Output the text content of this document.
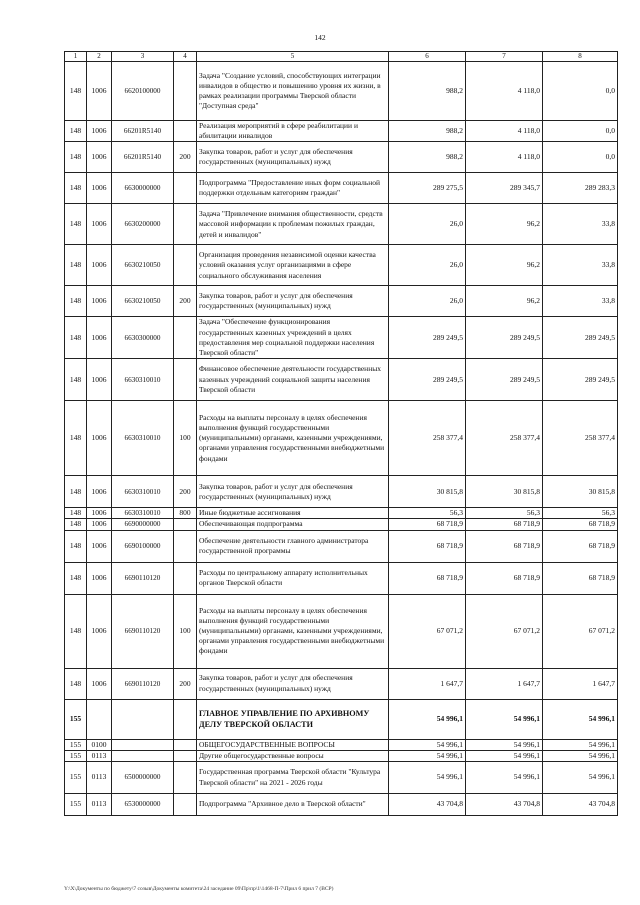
142
1	2	3	4	5	6	7	8
148	1006	6620100000		Задача "Создание условий, способствующих интеграции инвалидов в общество и повышению уровня их жизни, в рамках реализации программы Тверской области "Доступная среда"	988,2	4 118,0	0,0
148	1006	66201R5140		Реализация мероприятий в сфере реабилитации и абилитации инвалидов	988,2	4 118,0	0,0
148	1006	66201R5140	200	Закупка товаров, работ и услуг для обеспечения государственных (муниципальных) нужд	988,2	4 118,0	0,0
148	1006	6630000000		Подпрограмма "Предоставление иных форм социальной поддержки отдельным категориям граждан"	289 275,5	289 345,7	289 283,3
148	1006	6630200000		Задача "Привлечение внимания общественности, средств массовой информации к проблемам пожилых граждан, детей и инвалидов"	26,0	96,2	33,8
148	1006	6630210050		Организация проведения независимой оценки качества условий оказания услуг организациями в сфере социального обслуживания населения	26,0	96,2	33,8
148	1006	6630210050	200	Закупка товаров, работ и услуг для обеспечения государственных (муниципальных) нужд	26,0	96,2	33,8
148	1006	6630300000		Задача "Обеспечение функционирования государственных казенных учреждений в целях предоставления мер социальной поддержки населения Тверской области"	289 249,5	289 249,5	289 249,5
148	1006	6630310010		Финансовое обеспечение деятельности государственных казенных учреждений социальной защиты населения Тверской области	289 249,5	289 249,5	289 249,5
148	1006	6630310010	100	Расходы на выплаты персоналу в целях обеспечения выполнения функций государственными (муниципальными) органами, казенными учреждениями, органами управления государственными внебюджетными фондами	258 377,4	258 377,4	258 377,4
148	1006	6630310010	200	Закупка товаров, работ и услуг для обеспечения государственных (муниципальных) нужд	30 815,8	30 815,8	30 815,8
148	1006	6630310010	800	Иные бюджетные ассигнования	56,3	56,3	56,3
148	1006	6690000000		Обеспечивающая подпрограмма	68 718,9	68 718,9	68 718,9
148	1006	6690100000		Обеспечение деятельности главного администратора государственной программы	68 718,9	68 718,9	68 718,9
148	1006	6690110120		Расходы по центральному аппарату исполнительных органов Тверской области	68 718,9	68 718,9	68 718,9
148	1006	6690110120	100	Расходы на выплаты персоналу в целях обеспечения выполнения функций государственными (муниципальными) органами, казенными учреждениями, органами управления государственными внебюджетными фондами	67 071,2	67 071,2	67 071,2
148	1006	6690110120	200	Закупка товаров, работ и услуг для обеспечения государственных (муниципальных) нужд	1 647,7	1 647,7	1 647,7
155				ГЛАВНОЕ УПРАВЛЕНИЕ ПО АРХИВНОМУ ДЕЛУ ТВЕРСКОЙ ОБЛАСТИ	54 996,1	54 996,1	54 996,1
155	0100			ОБЩЕГОСУДАРСТВЕННЫЕ ВОПРОСЫ	54 996,1	54 996,1	54 996,1
155	0113			Другие общегосударственные вопросы	54 996,1	54 996,1	54 996,1
155	0113	6500000000		Государственная программа Тверской области "Культура Тверской области" на 2021 - 2026 годы	54 996,1	54 996,1	54 996,1
155	0113	6530000000		Подпрограмма "Архивное дело в Тверской области"	43 704,8	43 704,8	43 704,8
Y:\Х\Документы по бюджету\7 созыв\Документы комитета\24 заседание 09\Пр\пр\1\1468-П-7\Прил 6 прил 7 (ВСР)
